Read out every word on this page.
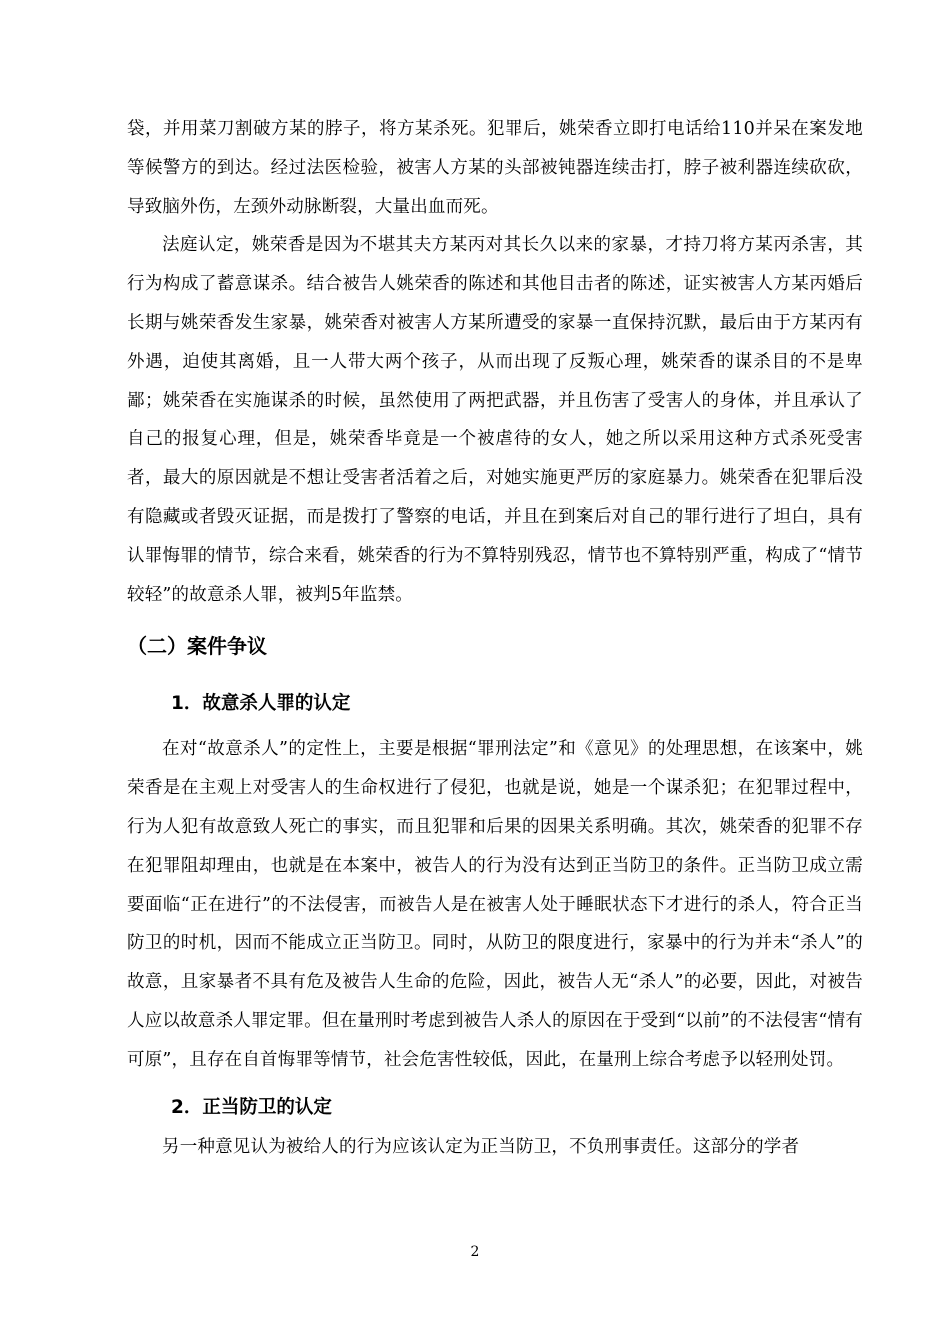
袋，并用菜刀割破方某的脖子，将方某杀死。犯罪后，姚荣香立即打电话给110并呆在案发地等候警方的到达。经过法医检验，被害人方某的头部被钝器连续击打，脖子被利器连续砍砍，导致脑外伤，左颈外动脉断裂，大量出血而死。

法庭认定，姚荣香是因为不堪其夫方某丙对其长久以来的家暴，才持刀将方某丙杀害，其行为构成了蓄意谋杀。结合被告人姚荣香的陈述和其他目击者的陈述，证实被害人方某丙婚后长期与姚荣香发生家暴，姚荣香对被害人方某所遭受的家暴一直保持沉默，最后由于方某丙有外遇，迫使其离婚，且一人带大两个孩子，从而出现了反叛心理，姚荣香的谋杀目的不是卑鄙；姚荣香在实施谋杀的时候，虽然使用了两把武器，并且伤害了受害人的身体，并且承认了自己的报复心理，但是，姚荣香毕竟是一个被虐待的女人，她之所以采用这种方式杀死受害者，最大的原因就是不想让受害者活着之后，对她实施更严厉的家庭暴力。姚荣香在犯罪后没有隐藏或者毁灭证据，而是拨打了警察的电话，并且在到案后对自己的罪行进行了坦白，具有认罪悔罪的情节，综合来看，姚荣香的行为不算特别残忍，情节也不算特别严重，构成了“情节较轻”的故意杀人罪，被判5年监禁。

（二）案件争议
1．故意杀人罪的认定

在对“故意杀人”的定性上，主要是根据“罪刑法定”和《意见》的处理思想，在该案中，姚荣香是在主观上对受害人的生命权进行了侵犯，也就是说，她是一个谋杀犯；在犯罪过程中，行为人犯有故意致人死亡的事实，而且犯罪和后果的因果关系明确。其次，姚荣香的犯罪不存在犯罪阻却理由，也就是在本案中，被告人的行为没有达到正当防卫的条件。正当防卫成立需要面临“正在进行”的不法侵害，而被告人是在被害人处于睡眠状态下才进行的杀人，符合正当防卫的时机，因而不能成立正当防卫。同时，从防卫的限度进行，家暴中的行为并未“杀人”的故意，且家暴者不具有危及被告人生命的危险，因此，被告人无“杀人”的必要，因此，对被告人应以故意杀人罪定罪。但在量刑时考虑到被告人杀人的原因在于受到“以前”的不法侵害“情有可原”，且存在自首悔罪等情节，社会危害性较低，因此，在量刑上综合考虑予以轻刑处罚。

2．正当防卫的认定

另一种意见认为被给人的行为应该认定为正当防卫，不负刑事责任。这部分的学者

2
